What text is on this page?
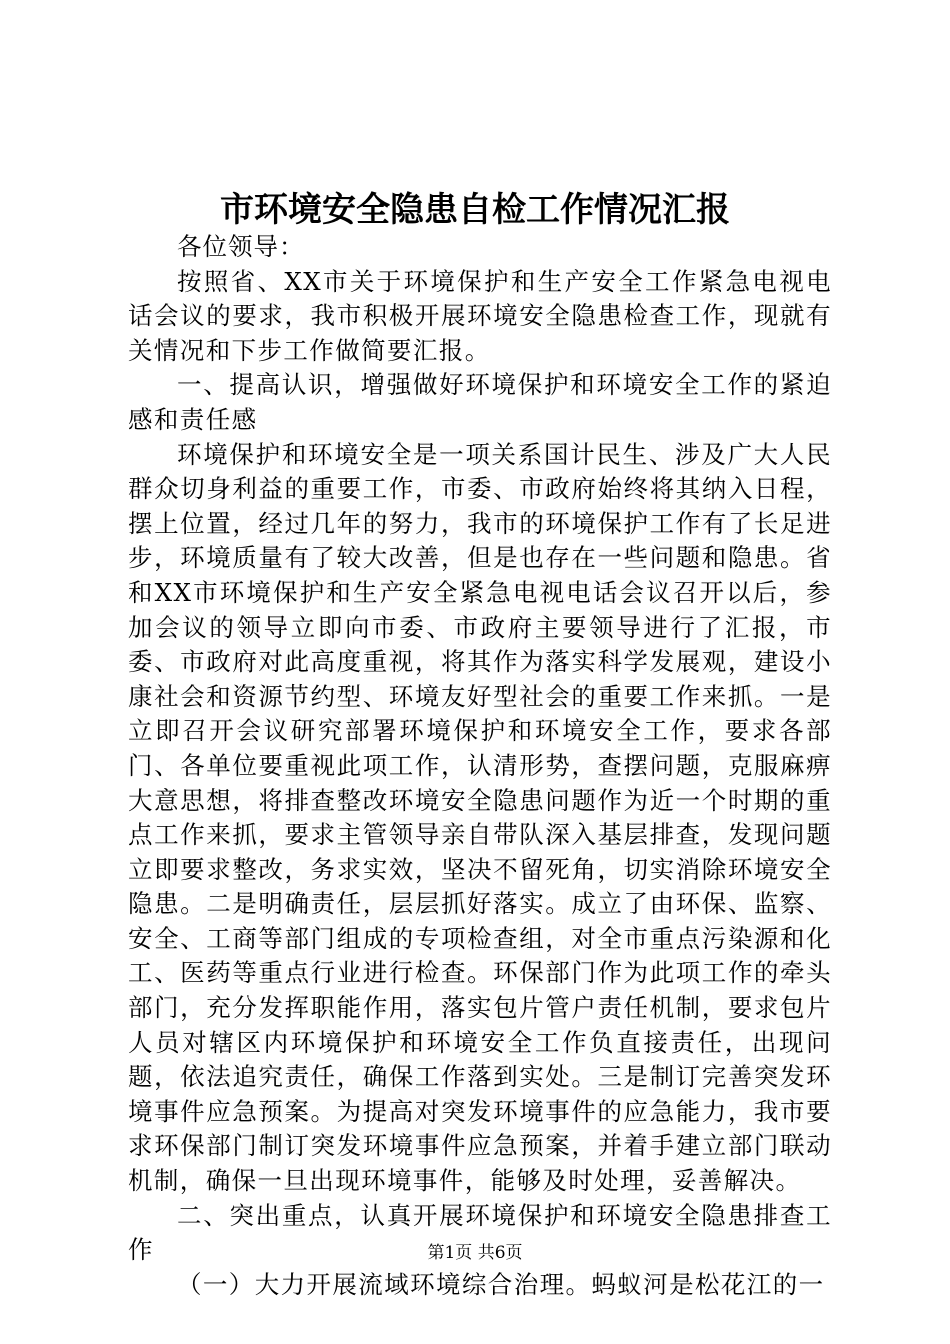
市环境安全隐患自检工作情况汇报

各位领导：

按照省、XX市关于环境保护和生产安全工作紧急电视电话会议的要求，我市积极开展环境安全隐患检查工作，现就有关情况和下步工作做简要汇报。

一、提高认识，增强做好环境保护和环境安全工作的紧迫感和责任感

环境保护和环境安全是一项关系国计民生、涉及广大人民群众切身利益的重要工作，市委、市政府始终将其纳入日程，摆上位置，经过几年的努力，我市的环境保护工作有了长足进步，环境质量有了较大改善，但是也存在一些问题和隐患。省和XX市环境保护和生产安全紧急电视电话会议召开以后，参加会议的领导立即向市委、市政府主要领导进行了汇报，市委、市政府对此高度重视，将其作为落实科学发展观，建设小康社会和资源节约型、环境友好型社会的重要工作来抓。一是立即召开会议研究部署环境保护和环境安全工作，要求各部门、各单位要重视此项工作，认清形势，查摆问题，克服麻痹大意思想，将排查整改环境安全隐患问题作为近一个时期的重点工作来抓，要求主管领导亲自带队深入基层排查，发现问题立即要求整改，务求实效，坚决不留死角，切实消除环境安全隐患。二是明确责任，层层抓好落实。成立了由环保、监察、安全、工商等部门组成的专项检查组，对全市重点污染源和化工、医药等重点行业进行检查。环保部门作为此项工作的牵头部门，充分发挥职能作用，落实包片管户责任机制，要求包片人员对辖区内环境保护和环境安全工作负直接责任，出现问题，依法追究责任，确保工作落到实处。三是制订完善突发环境事件应急预案。为提高对突发环境事件的应急能力，我市要求环保部门制订突发环境事件应急预案，并着手建立部门联动机制，确保一旦出现环境事件，能够及时处理，妥善解决。

二、突出重点，认真开展环境保护和环境安全隐患排查工作

（一）大力开展流域环境综合治理。蚂蚁河是松花江的一

第1页 共6页
